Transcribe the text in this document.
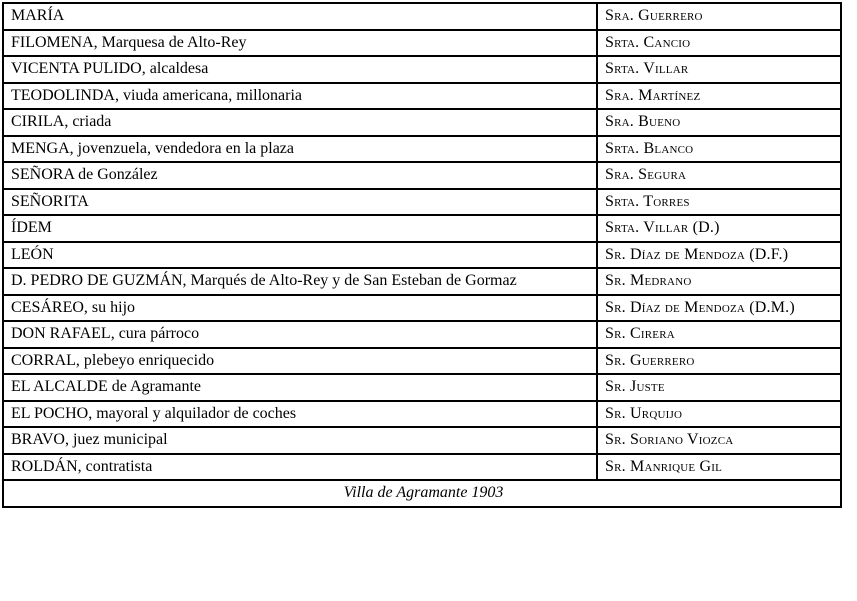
MARÍA	Sra. Guerrero
FILOMENA, Marquesa de Alto-Rey	Srta. Cancio
VICENTA PULIDO, alcaldesa	Srta. Villar
TEODOLINDA, viuda americana, millonaria	Sra. Martínez
CIRILA, criada	Sra. Bueno
MENGA, jovenzuela, vendedora en la plaza	Srta. Blanco
SEÑORA de González	Sra. Segura
SEÑORITA	Srta. Torres
ÍDEM	Srta. Villar (D.)
LEÓN	Sr. Díaz de Mendoza (D.F.)
D. PEDRO DE GUZMÁN, Marqués de Alto-Rey y de San Esteban de Gormaz	Sr. Medrano
CESÁREO, su hijo	Sr. Díaz de Mendoza (D.M.)
DON RAFAEL, cura párroco	Sr. Cirera
CORRAL, plebeyo enriquecido	Sr. Guerrero
EL ALCALDE de Agramante	Sr. Juste
EL POCHO, mayoral y alquilador de coches	Sr. Urquijo
BRAVO, juez municipal	Sr. Soriano Viozca
ROLDÁN, contratista	Sr. Manrique Gil
Villa de Agramante 1903	
